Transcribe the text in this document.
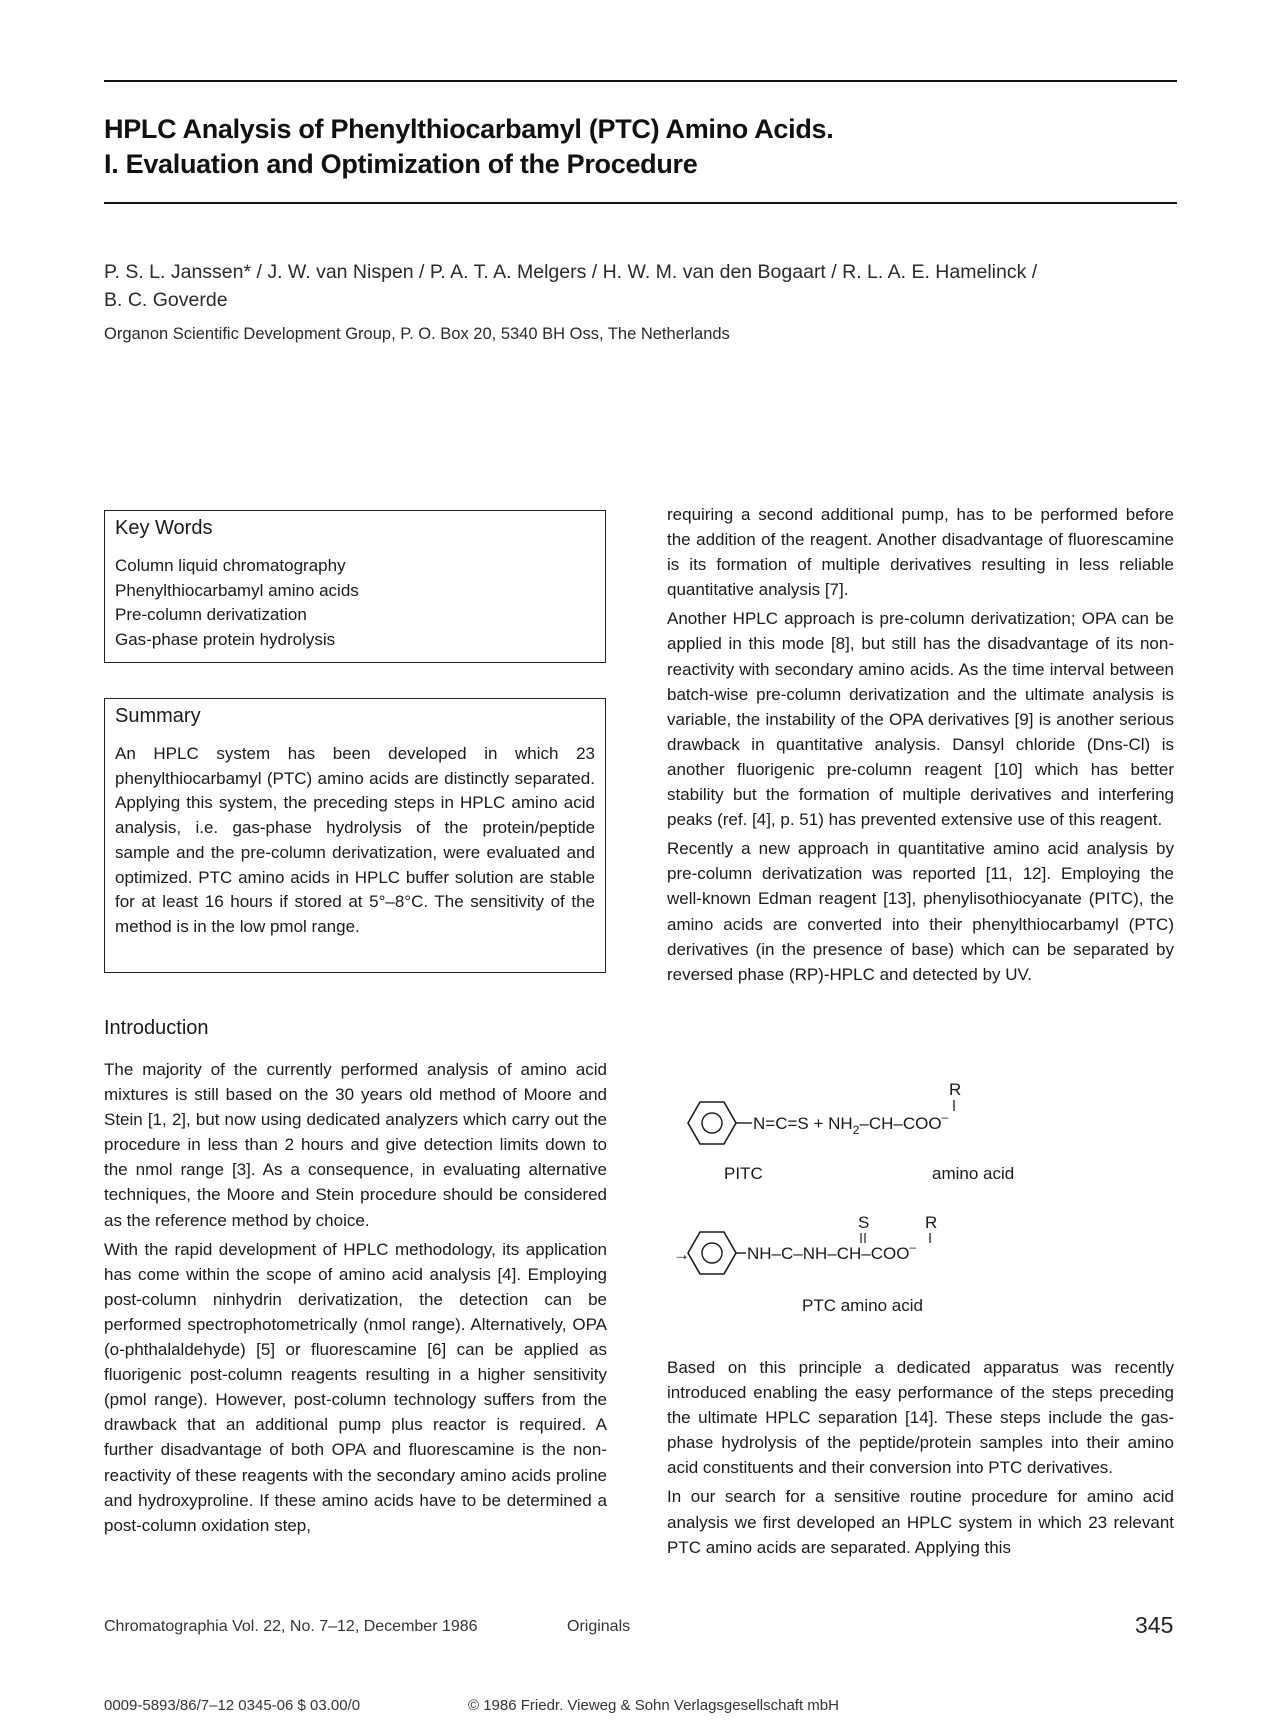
HPLC Analysis of Phenylthiocarbamyl (PTC) Amino Acids.
I. Evaluation and Optimization of the Procedure
P. S. L. Janssen* / J. W. van Nispen / P. A. T. A. Melgers / H. W. M. van den Bogaart / R. L. A. E. Hamelinck /
B. C. Goverde
Organon Scientific Development Group, P. O. Box 20, 5340 BH Oss, The Netherlands
Key Words
Column liquid chromatography
Phenylthiocarbamyl amino acids
Pre-column derivatization
Gas-phase protein hydrolysis
Summary

An HPLC system has been developed in which 23 phenylthiocarbamyl (PTC) amino acids are distinctly separated. Applying this system, the preceding steps in HPLC amino acid analysis, i.e. gas-phase hydrolysis of the protein/peptide sample and the pre-column derivatization, were evaluated and optimized. PTC amino acids in HPLC buffer solution are stable for at least 16 hours if stored at 5°–8°C. The sensitivity of the method is in the low pmol range.

Introduction

The majority of the currently performed analysis of amino acid mixtures is still based on the 30 years old method of Moore and Stein [1, 2], but now using dedicated analyzers which carry out the procedure in less than 2 hours and give detection limits down to the nmol range [3]. As a consequence, in evaluating alternative techniques, the Moore and Stein procedure should be considered as the reference method by choice.

With the rapid development of HPLC methodology, its application has come within the scope of amino acid analysis [4]. Employing post-column ninhydrin derivatization, the detection can be performed spectrophotometrically (nmol range). Alternatively, OPA (o-phthalaldehyde) [5] or fluorescamine [6] can be applied as fluorigenic post-column reagents resulting in a higher sensitivity (pmol range). However, post-column technology suffers from the drawback that an additional pump plus reactor is required. A further disadvantage of both OPA and fluorescamine is the non-reactivity of these reagents with the secondary amino acids proline and hydroxyproline. If these amino acids have to be determined a post-column oxidation step,

requiring a second additional pump, has to be performed before the addition of the reagent. Another disadvantage of fluorescamine is its formation of multiple derivatives resulting in less reliable quantitative analysis [7].

Another HPLC approach is pre-column derivatization; OPA can be applied in this mode [8], but still has the disadvantage of its non-reactivity with secondary amino acids. As the time interval between batch-wise pre-column derivatization and the ultimate analysis is variable, the instability of the OPA derivatives [9] is another serious drawback in quantitative analysis. Dansyl chloride (Dns-Cl) is another fluorigenic pre-column reagent [10] which has better stability but the formation of multiple derivatives and interfering peaks (ref. [4], p. 51) has prevented extensive use of this reagent.

Recently a new approach in quantitative amino acid analysis by pre-column derivatization was reported [11, 12]. Employing the well-known Edman reagent [13], phenylisothiocyanate (PITC), the amino acids are converted into their phenylthiocarbamyl (PTC) derivatives (in the presence of base) which can be separated by reversed phase (RP)-HPLC and detected by UV.

R
$N=C=S + NH_2-CH-COO^-$
PITC	amino acid
S	R
→	NH–C–NH–CH–COO–
PTC amino acid

Based on this principle a dedicated apparatus was recently introduced enabling the easy performance of the steps preceding the ultimate HPLC separation [14]. These steps include the gas-phase hydrolysis of the peptide/protein samples into their amino acid constituents and their conversion into PTC derivatives.

In our search for a sensitive routine procedure for amino acid analysis we first developed an HPLC system in which 23 relevant PTC amino acids are separated. Applying this

Chromatographia Vol. 22, No. 7–12, December 1986	Originals	345
0009-5893/86/7–12 0345-06 $ 03.00/0	© 1986 Friedr. Vieweg & Sohn Verlagsgesellschaft mbH
